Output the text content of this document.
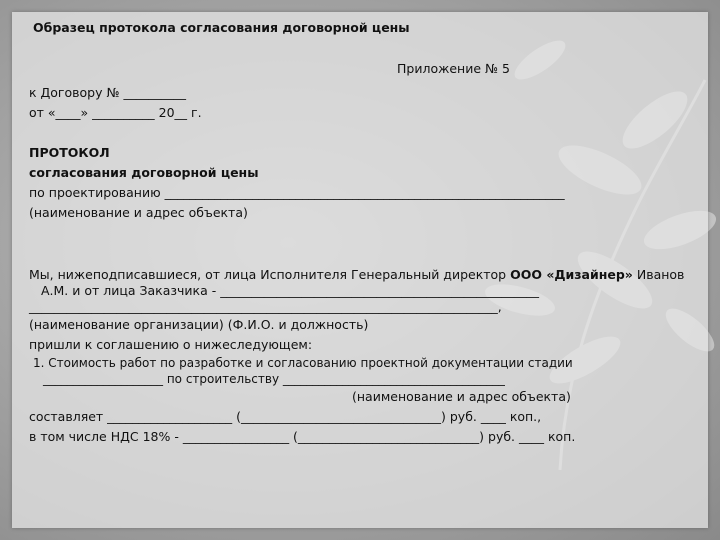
Образец протокола согласования договорной цены
Приложение № 5
к Договору № __________
от «____» __________ 20__ г.
ПРОТОКОЛ
согласования договорной цены
по проектированию ________________________________________________________________
(наименование и адрес объекта)
Мы, нижеподписавшиеся, от лица Исполнителя Генеральный директор ООО «Дизайнер» Иванов
А.М. и от лица Заказчика - ___________________________________________________
___________________________________________________________________________,
(наименование организации) (Ф.И.О. и должность)
пришли к соглашению о нижеследующем:
1. Стоимость работ по разработке и согласованию проектной документации стадии
____________________ по строительству _____________________________________
(наименование и адрес объекта)
составляет ____________________ (________________________________) руб. ____ коп.,
в том числе НДС 18% - _________________ (_____________________________) руб. ____ коп.
